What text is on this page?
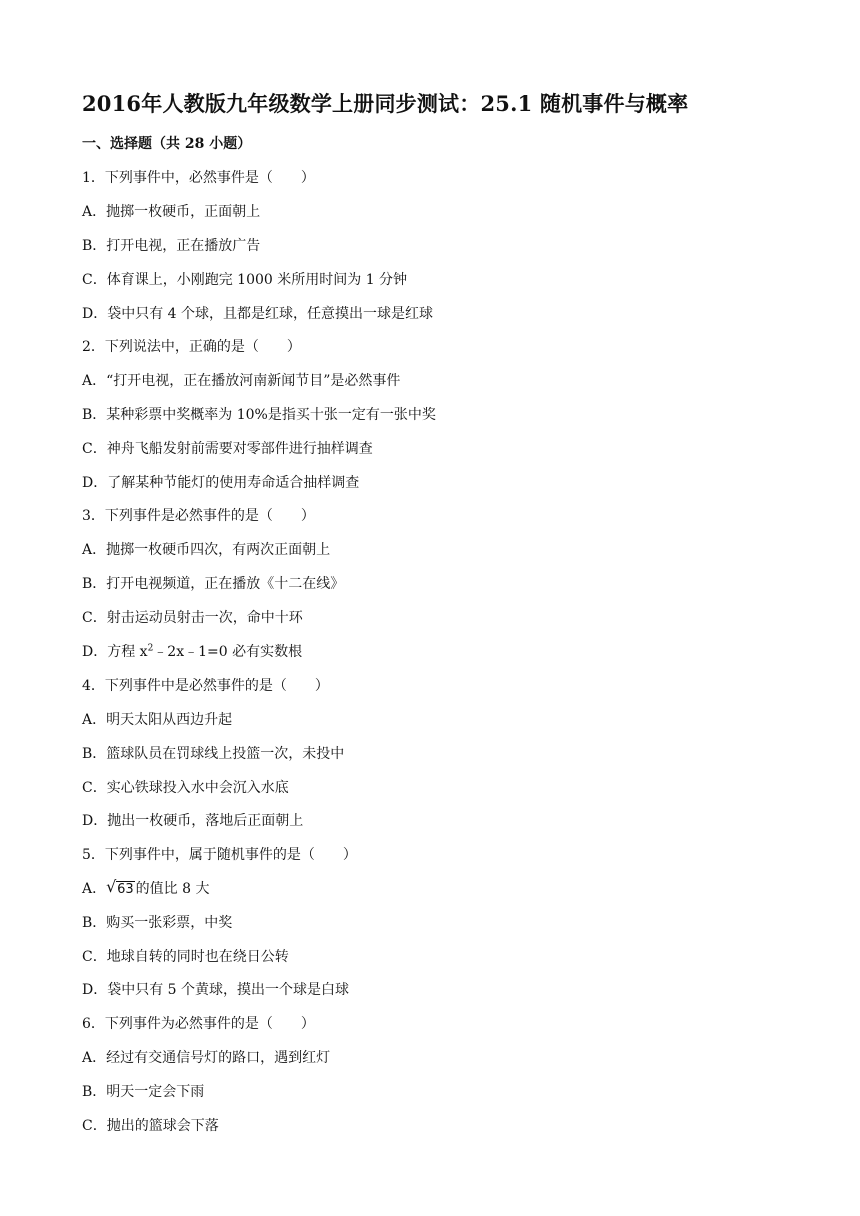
2016年人教版九年级数学上册同步测试：25.1 随机事件与概率
一、选择题（共 28 小题）
1．下列事件中，必然事件是（　　）
A．抛掷一枚硬币，正面朝上
B．打开电视，正在播放广告
C．体育课上，小刚跑完 1000 米所用时间为 1 分钟
D．袋中只有 4 个球，且都是红球，任意摸出一球是红球
2．下列说法中，正确的是（　　）
A．“打开电视，正在播放河南新闻节目”是必然事件
B．某种彩票中奖概率为 10%是指买十张一定有一张中奖
C．神舟飞船发射前需要对零部件进行抽样调查
D．了解某种节能灯的使用寿命适合抽样调查
3．下列事件是必然事件的是（　　）
A．抛掷一枚硬币四次，有两次正面朝上
B．打开电视频道，正在播放《十二在线》
C．射击运动员射击一次，命中十环
D．方程 $x^2﹣2x﹣1=0$ 必有实数根
4．下列事件中是必然事件的是（　　）
A．明天太阳从西边升起
B．篮球队员在罚球线上投篮一次，未投中
C．实心铁球投入水中会沉入水底
D．抛出一枚硬币，落地后正面朝上
5．下列事件中，属于随机事件的是（　　）
A． √ 63 的值比 8 大
B．购买一张彩票，中奖
C．地球自转的同时也在绕日公转
D．袋中只有 5 个黄球，摸出一个球是白球
6．下列事件为必然事件的是（　　）
A．经过有交通信号灯的路口，遇到红灯
B．明天一定会下雨
C．抛出的篮球会下落
